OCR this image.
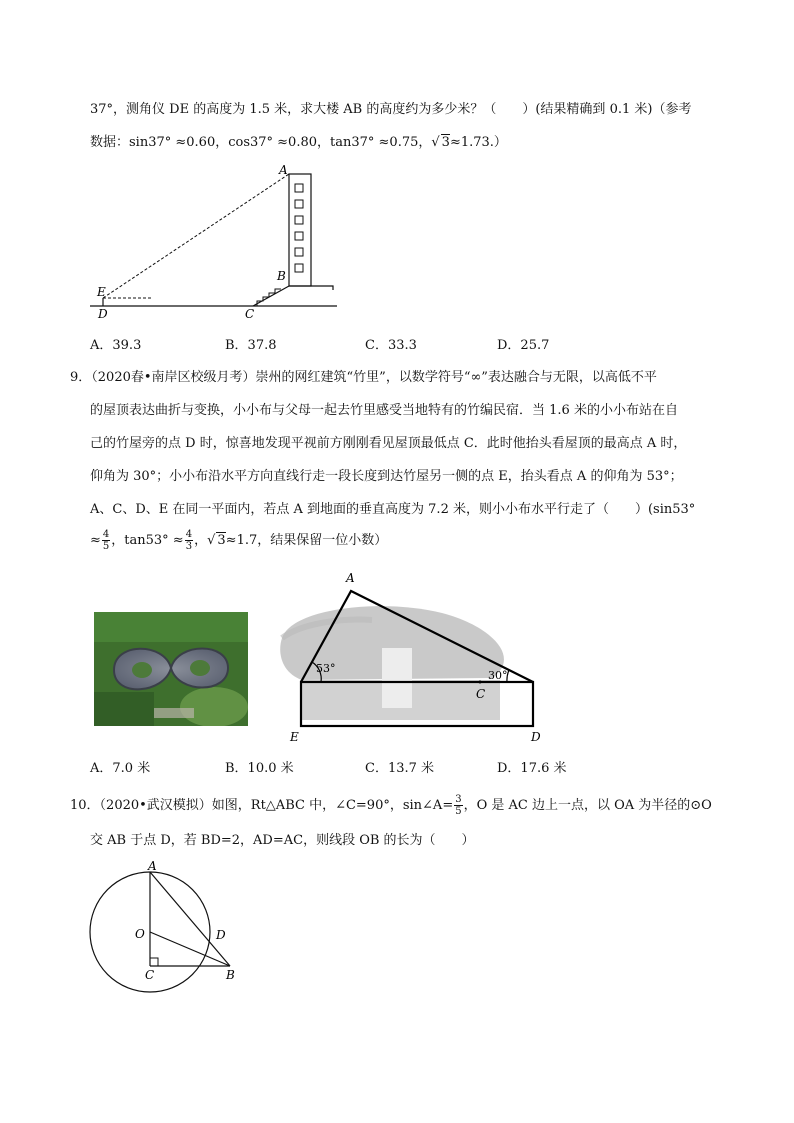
37°，测角仪 DE 的高度为 1.5 米，求大楼 AB 的高度约为多少米？（　　）(结果精确到 0.1 米)（参考
数据：sin37° ≈0.60，cos37° ≈0.80，tan37° ≈0.75，√ 3≈1.73.）
E
D	C
B
A
A．39.3	B．37.8	C．33.3	D．25.7
9．（2020春•南岸区校级月考）崇州的网红建筑“竹里”，以数学符号“∞”表达融合与无限，以高低不平
的屋顶表达曲折与变换，小小布与父母一起去竹里感受当地特有的竹编民宿．当 1.6 米的小小布站在自
己的竹屋旁的点 D 时，惊喜地发现平视前方刚刚看见屋顶最低点 C．此时他抬头看屋顶的最高点 A 时，
仰角为 30°；小小布沿水平方向直线行走一段长度到达竹屋另一侧的点 E，抬头看点 A 的仰角为 53°；
A、C、D、E 在同一平面内，若点 A 到地面的垂直高度为 7.2 米，则小小布水平行走了（　　）(sin53°
≈ $\frac{4}{5}$ ，$\tan 53^\circ \approx \frac{4}{3}$ ，√ 3≈1.7，结果保留一位小数）
53°
30°
A
C
E	D
A．7.0 米	B．10.0 米	C．13.7 米	D．17.6 米
10．（2020•武汉模拟）如图，Rt△ABC 中，∠C=90°，sin∠A= $\frac{3}{5}$ ，O 是 AC 边上一点，以 OA 为半径的⊙O
交 AB 于点 D，若 BD=2，AD=AC，则线段 OB 的长为（　　）
A
O	D
C	B
